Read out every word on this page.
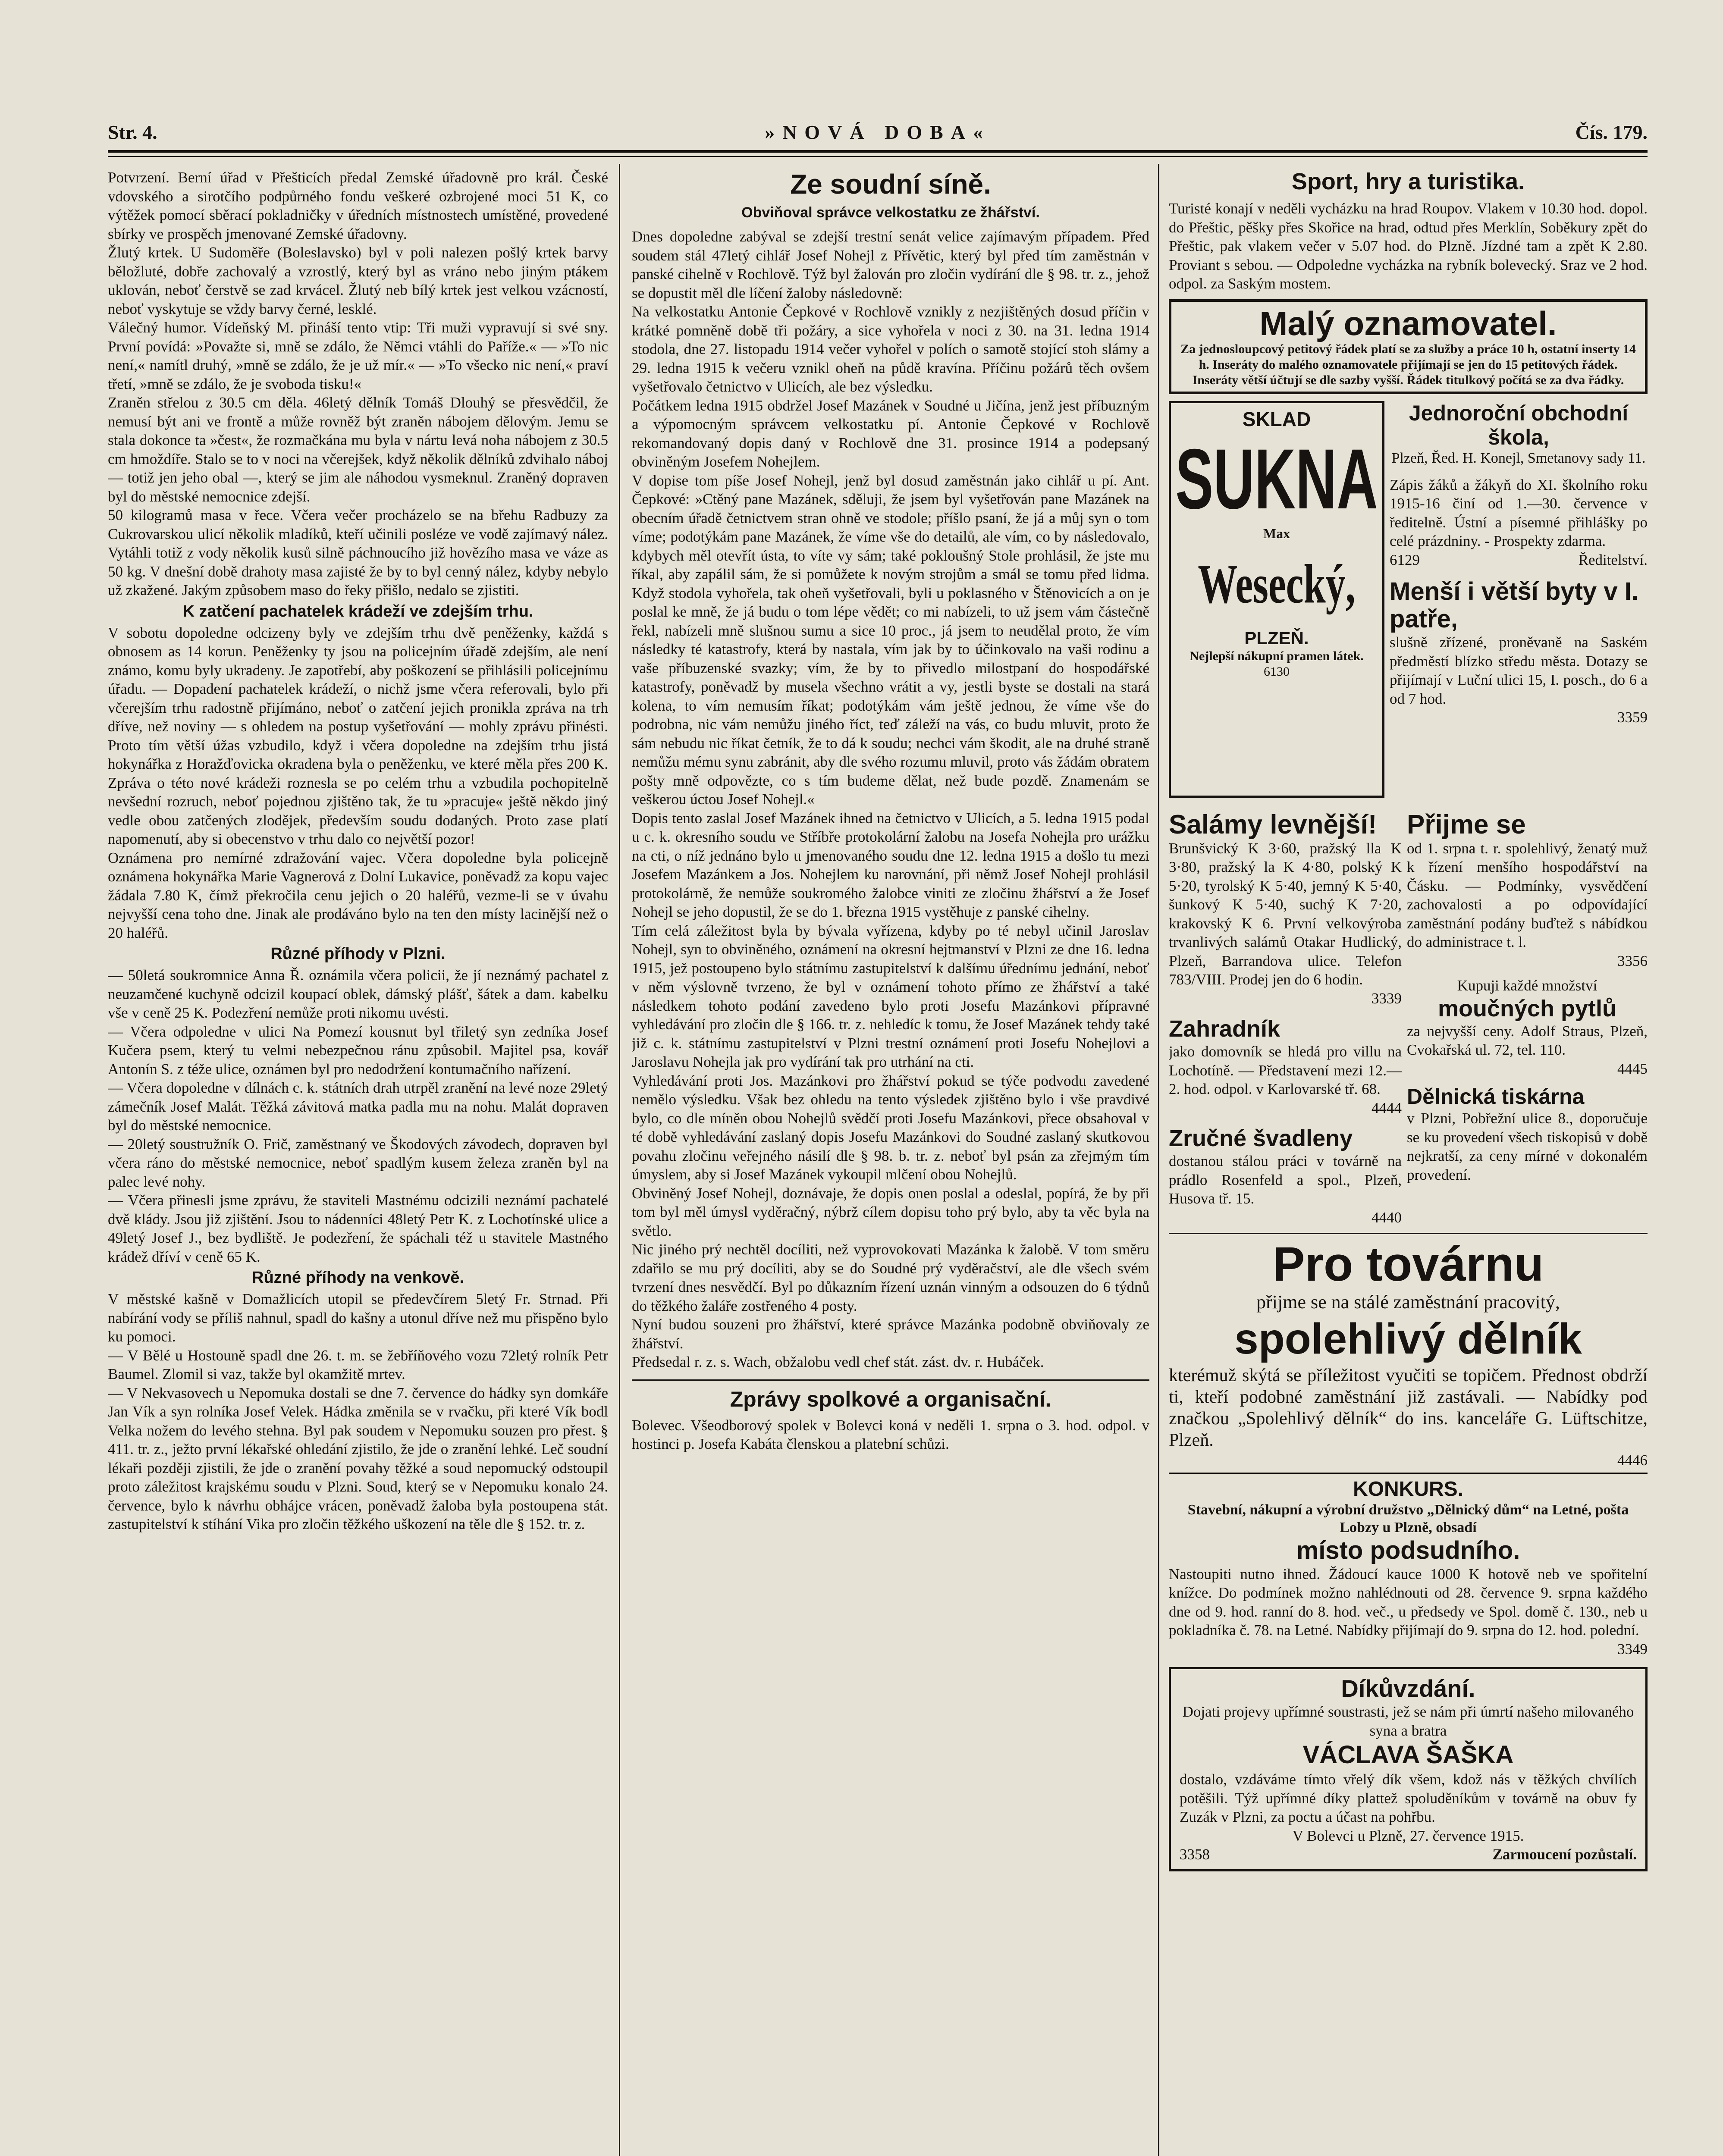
Str. 4.	»NOVÁ DOBA«	Čís. 179.

Potvrzení. Berní úřad v Přešticích předal Zemské úřadovně pro král. České vdovského a sirotčího podpůrného fondu veškeré ozbrojené moci 51 K, co výtěžek pomocí sběrací pokladničky v úředních místnostech umístěné, provedené sbírky ve prospěch jmenované Zemské úřadovny.

Žlutý krtek. U Sudoměře (Boleslavsko) byl v poli nalezen pošlý krtek barvy běložluté, dobře zachovalý a vzrostlý, který byl as vráno nebo jiným ptákem uklován, neboť čerstvě se zad krvácel. Žlutý neb bílý krtek jest velkou vzácností, neboť vyskytuje se vždy barvy černé, lesklé.

Válečný humor. Vídeňský M. přináší tento vtip: Tři muži vypravují si své sny. První povídá: »Považte si, mně se zdálo, že Němci vtáhli do Paříže.« — »To nic není,« namítl druhý, »mně se zdálo, že je už mír.« — »To všecko nic není,« praví třetí, »mně se zdálo, že je svoboda tisku!«

Zraněn střelou z 30.5 cm děla. 46letý dělník Tomáš Dlouhý se přesvědčil, že nemusí být ani ve frontě a může rovněž být zraněn nábojem dělovým. Jemu se stala dokonce ta »čest«, že rozmačkána mu byla v nártu levá noha nábojem z 30.5 cm hmoždíře. Stalo se to v noci na včerejšek, když několik dělníků zdvihalo náboj — totiž jen jeho obal —, který se jim ale náhodou vysmeknul. Zraněný dopraven byl do městské nemocnice zdejší.

50 kilogramů masa v řece. Včera večer procházelo se na břehu Radbuzy za Cukrovarskou ulicí několik mladíků, kteří učinili posléze ve vodě zajímavý nález. Vytáhli totiž z vody několik kusů silně páchnoucího již hovězího masa ve váze as 50 kg. V dnešní době drahoty masa zajisté že by to byl cenný nález, kdyby nebylo už zkažené. Jakým způsobem maso do řeky přišlo, nedalo se zjistiti.

K zatčení pachatelek krádeží ve zdejším trhu.

V sobotu dopoledne odcizeny byly ve zdejším trhu dvě peněženky, každá s obnosem as 14 korun. Peněženky ty jsou na policejním úřadě zdejším, ale není známo, komu byly ukradeny. Je zapotřebí, aby poškození se přihlásili policejnímu úřadu. — Dopadení pachatelek krádeží, o nichž jsme včera referovali, bylo při včerejším trhu radostně přijímáno, neboť o zatčení jejich pronikla zpráva na trh dříve, než noviny — s ohledem na postup vyšetřování — mohly zprávu přinésti. Proto tím větší úžas vzbudilo, když i včera dopoledne na zdejším trhu jistá hokynářka z Horažďovicka okradena byla o peněženku, ve které měla přes 200 K. Zpráva o této nové krádeži roznesla se po celém trhu a vzbudila pochopitelně nevšední rozruch, neboť pojednou zjištěno tak, že tu »pracuje« ještě někdo jiný vedle obou zatčených zlodějek, především soudu dodaných. Proto zase platí napomenutí, aby si obecenstvo v trhu dalo co největší pozor!

Oznámena pro nemírné zdražování vajec. Včera dopoledne byla policejně oznámena hokynářka Marie Vagnerová z Dolní Lukavice, poněvadž za kopu vajec žádala 7.80 K, čímž překročila cenu jejich o 20 haléřů, vezme-li se v úvahu nejvyšší cena toho dne. Jinak ale prodáváno bylo na ten den místy lacinější než o 20 haléřů.

Různé příhody v Plzni.

— 50letá soukromnice Anna Ř. oznámila včera policii, že jí neznámý pachatel z neuzamčené kuchyně odcizil koupací oblek, dámský plášť, šátek a dam. kabelku vše v ceně 25 K. Podezření nemůže proti nikomu uvésti.

— Včera odpoledne v ulici Na Pomezí kousnut byl třiletý syn zedníka Josef Kučera psem, který tu velmi nebezpečnou ránu způsobil. Majitel psa, kovář Antonín S. z téže ulice, oznámen byl pro nedodržení kontumačního nařízení.

— Včera dopoledne v dílnách c. k. státních drah utrpěl zranění na levé noze 29letý zámečník Josef Malát. Těžká závitová matka padla mu na nohu. Malát dopraven byl do městské nemocnice.

— 20letý soustružník O. Frič, zaměstnaný ve Škodových závodech, dopraven byl včera ráno do městské nemocnice, neboť spadlým kusem železa zraněn byl na palec levé nohy.

— Včera přinesli jsme zprávu, že staviteli Mastnému odcizili neznámí pachatelé dvě klády. Jsou již zjištění. Jsou to nádenníci 48letý Petr K. z Lochotínské ulice a 49letý Josef J., bez bydliště. Je podezření, že spáchali též u stavitele Mastného krádež dříví v ceně 65 K.

Různé příhody na venkově.

V městské kašně v Domažlicích utopil se předevčírem 5letý Fr. Strnad. Při nabírání vody se příliš nahnul, spadl do kašny a utonul dříve než mu přispěno bylo ku pomoci.

— V Bělé u Hostouně spadl dne 26. t. m. se žebříňového vozu 72letý rolník Petr Baumel. Zlomil si vaz, takže byl okamžitě mrtev.

— V Nekvasovech u Nepomuka dostali se dne 7. července do hádky syn domkáře Jan Vík a syn rolníka Josef Velek. Hádka změnila se v rvačku, při které Vík bodl Velka nožem do levého stehna. Byl pak soudem v Nepomuku souzen pro přest. § 411. tr. z., ježto první lékařské ohledání zjistilo, že jde o zranění lehké. Leč soudní lékaři později zjistili, že jde o zranění povahy těžké a soud nepomucký odstoupil proto záležitost krajskému soudu v Plzni. Soud, který se v Nepomuku konalo 24. července, bylo k návrhu obhájce vrácen, poněvadž žaloba byla postoupena stát. zastupitelství k stíhání Vika pro zločin těžkého uškození na těle dle § 152. tr. z.

Ze soudní síně.
Obviňoval správce velkostatku ze žhářství.

Dnes dopoledne zabýval se zdejší trestní senát velice zajímavým případem. Před soudem stál 47letý cihlář Josef Nohejl z Přívětic, který byl před tím zaměstnán v panské cihelně v Rochlově. Týž byl žalován pro zločin vydírání dle § 98. tr. z., jehož se dopustit měl dle líčení žaloby následovně:

Na velkostatku Antonie Čepkové v Rochlově vznikly z nezjištěných dosud příčin v krátké pomněně době tři požáry, a sice vyhořela v noci z 30. na 31. ledna 1914 stodola, dne 27. listopadu 1914 večer vyhořel v polích o samotě stojící stoh slámy a 29. ledna 1915 k večeru vznikl oheň na půdě kravína. Příčinu požárů těch ovšem vyšetřovalo četnictvo v Ulicích, ale bez výsledku.

Počátkem ledna 1915 obdržel Josef Mazánek v Soudné u Jičína, jenž jest příbuzným a výpomocným správcem velkostatku pí. Antonie Čepkové v Rochlově rekomandovaný dopis daný v Rochlově dne 31. prosince 1914 a podepsaný obviněným Josefem Nohejlem.

V dopise tom píše Josef Nohejl, jenž byl dosud zaměstnán jako cihlář u pí. Ant. Čepkové: »Ctěný pane Mazánek, sděluji, že jsem byl vyšetřován pane Mazánek na obecním úřadě četnictvem stran ohně ve stodole; příšlo psaní, že já a můj syn o tom víme; podotýkám pane Mazánek, že víme vše do detailů, ale vím, co by následovalo, kdybych měl otevřít ústa, to víte vy sám; také pokloušný Stole prohlásil, že jste mu říkal, aby zapálil sám, že si pomůžete k novým strojům a smál se tomu před lidma. Když stodola vyhořela, tak oheň vyšetřovali, byli u poklasného v Štěnovicích a on je poslal ke mně, že já budu o tom lépe vědět; co mi nabízeli, to už jsem vám částečně řekl, nabízeli mně slušnou sumu a sice 10 proc., já jsem to neudělal proto, že vím následky té katastrofy, která by nastala, vím jak by to účinkovalo na vaši rodinu a vaše příbuzenské svazky; vím, že by to přivedlo milostpaní do hospodářské katastrofy, poněvadž by musela všechno vrátit a vy, jestli byste se dostali na stará kolena, to vím nemusím říkat; podotýkám vám ještě jednou, že víme vše do podrobna, nic vám nemůžu jiného říct, teď záleží na vás, co budu mluvit, proto že sám nebudu nic říkat četník, že to dá k soudu; nechci vám škodit, ale na druhé straně nemůžu mému synu zabránit, aby dle svého rozumu mluvil, proto vás žádám obratem pošty mně odpovězte, co s tím budeme dělat, než bude pozdě. Znamenám se veškerou úctou Josef Nohejl.«

Dopis tento zaslal Josef Mazánek ihned na četnictvo v Ulicích, a 5. ledna 1915 podal u c. k. okresního soudu ve Stříbře protokolární žalobu na Josefa Nohejla pro urážku na cti, o níž jednáno bylo u jmenovaného soudu dne 12. ledna 1915 a došlo tu mezi Josefem Mazánkem a Jos. Nohejlem ku narovnání, při němž Josef Nohejl prohlásil protokolárně, že nemůže soukromého žalobce viniti ze zločinu žhářství a že Josef Nohejl se jeho dopustil, že se do 1. března 1915 vystěhuje z panské cihelny.

Tím celá záležitost byla by bývala vyřízena, kdyby po té nebyl učinil Jaroslav Nohejl, syn to obviněného, oznámení na okresní hejtmanství v Plzni ze dne 16. ledna 1915, jež postoupeno bylo státnímu zastupitelství k dalšímu úřednímu jednání, neboť v něm výslovně tvrzeno, že byl v oznámení tohoto přímo ze žhářství a také následkem tohoto podání zavedeno bylo proti Josefu Mazánkovi přípravné vyhledávání pro zločin dle § 166. tr. z. nehledíc k tomu, že Josef Mazánek tehdy také již c. k. státnímu zastupitelství v Plzni trestní oznámení proti Josefu Nohejlovi a Jaroslavu Nohejla jak pro vydírání tak pro utrhání na cti.

Vyhledávání proti Jos. Mazánkovi pro žhářství pokud se týče podvodu zavedené nemělo výsledku. Však bez ohledu na tento výsledek zjištěno bylo i vše pravdivé bylo, co dle míněn obou Nohejlů svědčí proti Josefu Mazánkovi, přece obsahoval v té době vyhledávání zaslaný dopis Josefu Mazánkovi do Soudné zaslaný skutkovou povahu zločinu veřejného násilí dle § 98. b. tr. z. neboť byl psán za zřejmým tím úmyslem, aby si Josef Mazánek vykoupil mlčení obou Nohejlů.

Obviněný Josef Nohejl, doznávaje, že dopis onen poslal a odeslal, popírá, že by při tom byl měl úmysl vyděračný, nýbrž cílem dopisu toho prý bylo, aby ta věc byla na světlo.

Nic jiného prý nechtěl docíliti, než vyprovokovati Mazánka k žalobě. V tom směru zdařilo se mu prý docíliti, aby se do Soudné prý vyděračství, ale dle všech svém tvrzení dnes nesvědčí. Byl po důkazním řízení uznán vinným a odsouzen do 6 týdnů do těžkého žaláře zostřeného 4 posty.

Nyní budou souzeni pro žhářství, které správce Mazánka podobně obviňovaly ze žhářství.

Předsedal r. z. s. Wach, obžalobu vedl chef stát. zást. dv. r. Hubáček.

Zprávy spolkové a organisační.

Bolevec. Všeodborový spolek v Bolevci koná v neděli 1. srpna o 3. hod. odpol. v hostinci p. Josefa Kabáta členskou a platební schůzi.

Sport, hry a turistika.

Turisté konají v neděli vycházku na hrad Roupov. Vlakem v 10.30 hod. dopol. do Přeštic, pěšky přes Skořice na hrad, odtud přes Merklín, Soběkury zpět do Přeštic, pak vlakem večer v 5.07 hod. do Plzně. Jízdné tam a zpět K 2.80. Proviant s sebou. — Odpoledne vycházka na rybník bolevecký. Sraz ve 2 hod. odpol. za Saským mostem.

Malý oznamovatel.
Za jednosloupcový petitový řádek platí se za služby a práce 10 h, ostatní inserty 14 h. Inseráty do malého oznamovatele přijímají se jen do 15 petitových řádek. Inseráty větší účtují se dle sazby vyšší. Řádek titulkový počítá se za dva řádky.
SKLAD
SUKNA
Max
Wesecký,
PLZEŇ.
Nejlepší nákupní pramen látek.
6130
Jednoroční obchodní škola,
Plzeň, Řed. H. Konejl, Smetanovy sady 11.

Zápis žáků a žákyň do XI. školního roku 1915-16 činí od 1.—30. července v ředitelně. Ústní a písemné přihlášky po celé prázdniny. - Prospekty zdarma.

6129	Ředitelství.
Menší i větší byty v I. patře,

slušně zřízené, proněvaně na Saském předměstí blízko středu města. Dotazy se přijímají v Luční ulici 15, I. posch., do 6 a od 7 hod.

3359
Salámy levnější!

Brunšvický K 3·60, pražský lla K 3·80, pražský la K 4·80, polský K 5·20, tyrolský K 5·40, jemný K 5·40, šunkový K 5·40, suchý K 7·20, krakovský K 6. První velkovýroba trvanlivých salámů Otakar Hudlický, Plzeň, Barrandova ulice. Telefon 783/VIII. Prodej jen do 6 hodin.

3339
Zahradník

jako domovník se hledá pro villu na Lochotíně. — Představení mezi 12.—2. hod. odpol. v Karlovarské tř. 68.

4444
Zručné švadleny

dostanou stálou práci v továrně na prádlo Rosenfeld a spol., Plzeň, Husova tř. 15.

4440
Přijme se

od 1. srpna t. r. spolehlivý, ženatý muž k řízení menšího hospodářství na Čásku. — Podmínky, vysvědčení zachovalosti a po odpovídající zaměstnání podány buďtež s nábídkou do administrace t. l.

3356
Kupuji každé množství
moučných pytlů

za nejvyšší ceny. Adolf Straus, Plzeň, Cvokařská ul. 72, tel. 110.

4445
Dělnická tiskárna

v Plzni, Pobřežní ulice 8., doporučuje se ku provedení všech tiskopisů v době nejkratší, za ceny mírné v dokonalém provedení.

Pro továrnu
přijme se na stálé zaměstnání pracovitý,
spolehlivý dělník

kterémuž skýtá se příležitost vyučiti se topičem. Přednost obdrží ti, kteří podobné zaměstnání již zastávali. — Nabídky pod značkou „Spolehlivý dělník“ do ins. kanceláře G. Lüftschitze, Plzeň.

4446
KONKURS.
Stavební, nákupní a výrobní družstvo „Dělnický dům“ na Letné, pošta Lobzy u Plzně, obsadí
místo podsudního.

Nastoupiti nutno ihned. Žádoucí kauce 1000 K hotově neb ve spořitelní knížce. Do podmínek možno nahlédnouti od 28. července 9. srpna každého dne od 9. hod. ranní do 8. hod. več., u předsedy ve Spol. domě č. 130., neb u pokladníka č. 78. na Letné. Nabídky přijímají do 9. srpna do 12. hod. polední.

3349
Díkůvzdání.

Dojati projevy upřímné soustrasti, jež se nám při úmrtí našeho milovaného syna a bratra

VÁCLAVA ŠAŠKA

dostalo, vzdáváme tímto vřelý dík všem, kdož nás v těžkých chvílích potěšili. Týž upřímné díky plattež spoluděníkům v továrně na obuv fy Zuzák v Plzni, za poctu a účast na pohřbu.

V Bolevci u Plzně, 27. července 1915.

3358	Zarmoucení pozůstalí.
